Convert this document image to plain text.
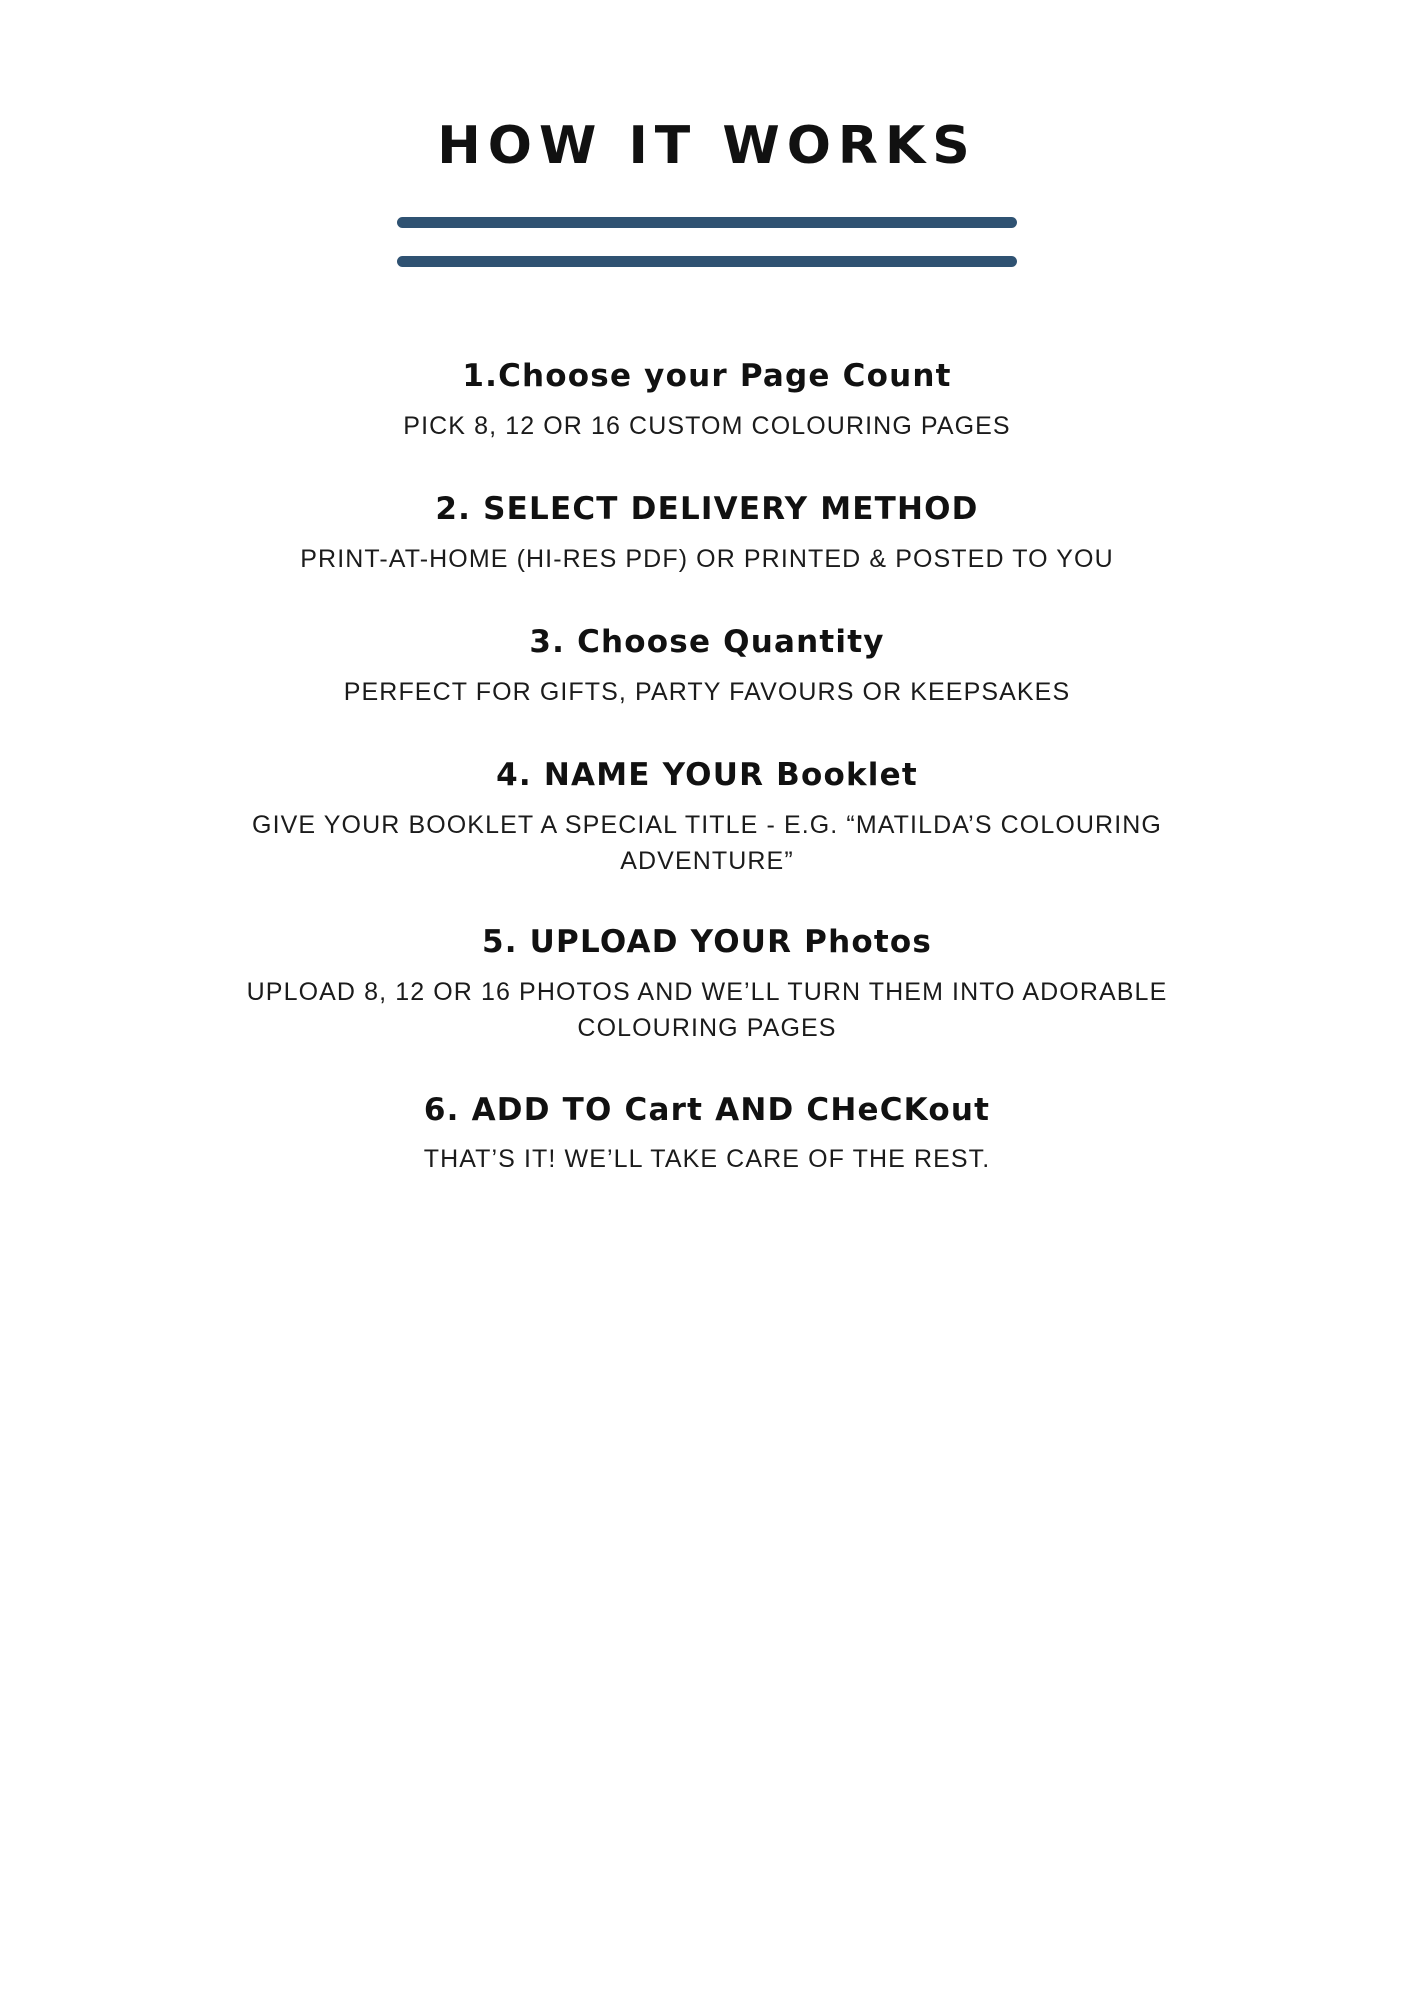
HOW IT WORKS
1.Choose your Page Count

PICK 8, 12 OR 16 CUSTOM COLOURING PAGES

2. SELECT DELIVERY METHOD

PRINT-AT-HOME (HI-RES PDF) OR PRINTED & POSTED TO YOU

3. Choose Quantity

PERFECT FOR GIFTS, PARTY FAVOURS OR KEEPSAKES

4. NAME YOUR Booklet

GIVE YOUR BOOKLET A SPECIAL TITLE - E.G. “MATILDA’S COLOURING ADVENTURE”

5. UPLOAD YOUR Photos

UPLOAD 8, 12 OR 16 PHOTOS AND WE’LL TURN THEM INTO ADORABLE COLOURING PAGES

6. ADD TO Cart AND CHeCKout

THAT’S IT! WE’LL TAKE CARE OF THE REST.
